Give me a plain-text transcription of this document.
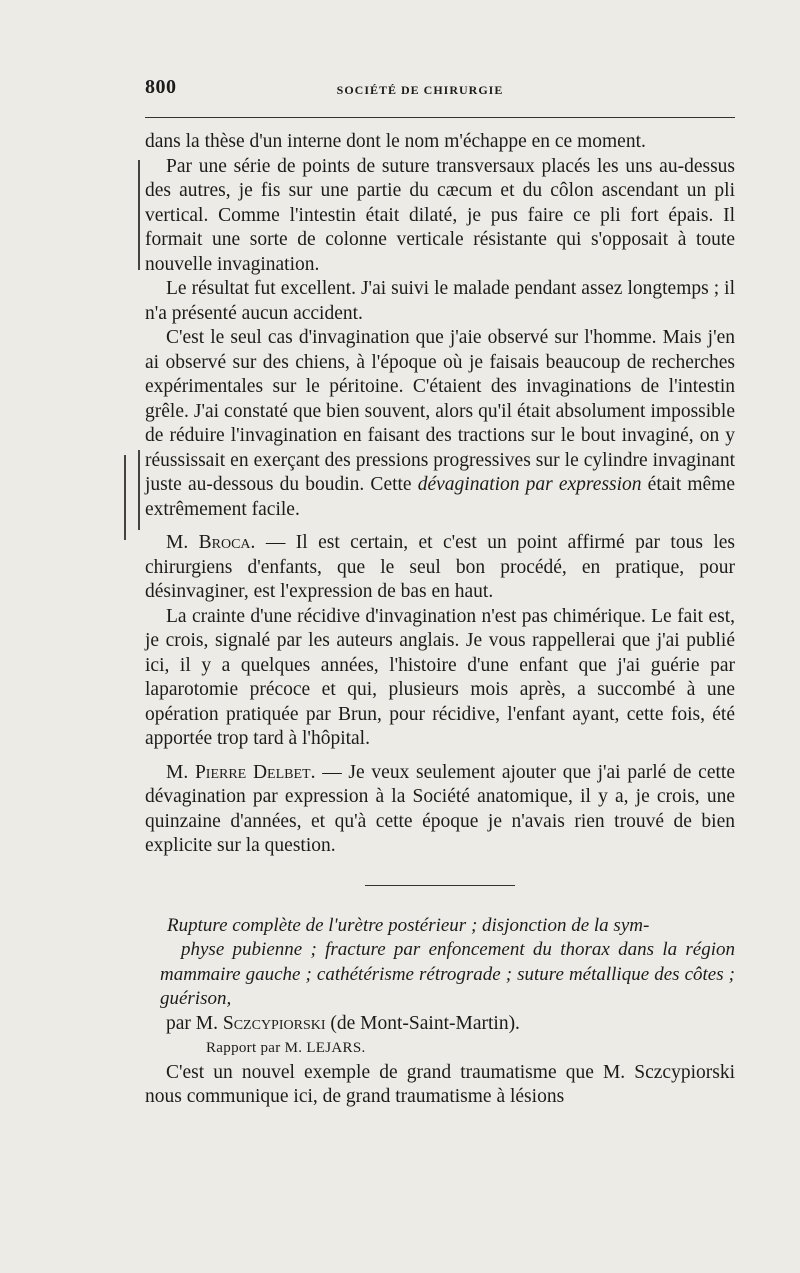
800	SOCIÉTÉ DE CHIRURGIE

dans la thèse d'un interne dont le nom m'échappe en ce moment.

Par une série de points de suture transversaux placés les uns au-dessus des autres, je fis sur une partie du cæcum et du côlon ascendant un pli vertical. Comme l'intestin était dilaté, je pus faire ce pli fort épais. Il formait une sorte de colonne verticale résistante qui s'opposait à toute nouvelle invagination.

Le résultat fut excellent. J'ai suivi le malade pendant assez longtemps ; il n'a présenté aucun accident.

C'est le seul cas d'invagination que j'aie observé sur l'homme. Mais j'en ai observé sur des chiens, à l'époque où je faisais beaucoup de recherches expérimentales sur le péritoine. C'étaient des invaginations de l'intestin grêle. J'ai constaté que bien souvent, alors qu'il était absolument impossible de réduire l'invagination en faisant des tractions sur le bout invaginé, on y réussissait en exerçant des pressions progressives sur le cylindre invaginant juste au-dessous du boudin. Cette dévagination par expression était même extrêmement facile.

M. Broca. — Il est certain, et c'est un point affirmé par tous les chirurgiens d'enfants, que le seul bon procédé, en pratique, pour désinvaginer, est l'expression de bas en haut.

La crainte d'une récidive d'invagination n'est pas chimérique. Le fait est, je crois, signalé par les auteurs anglais. Je vous rappellerai que j'ai publié ici, il y a quelques années, l'histoire d'une enfant que j'ai guérie par laparotomie précoce et qui, plusieurs mois après, a succombé à une opération pratiquée par Brun, pour récidive, l'enfant ayant, cette fois, été apportée trop tard à l'hôpital.

M. Pierre Delbet. — Je veux seulement ajouter que j'ai parlé de cette dévagination par expression à la Société anatomique, il y a, je crois, une quinzaine d'années, et qu'à cette époque je n'avais rien trouvé de bien explicite sur la question.

Rupture complète de l'urètre postérieur ; disjonction de la sym-
physe pubienne ; fracture par enfoncement du thorax dans la région mammaire gauche ; cathétérisme rétrograde ; suture métallique des côtes ; guérison,

par M. Sczcypiorski (de Mont-Saint-Martin).

Rapport par M. LEJARS.

C'est un nouvel exemple de grand traumatisme que M. Sczcypiorski nous communique ici, de grand traumatisme à lésions
